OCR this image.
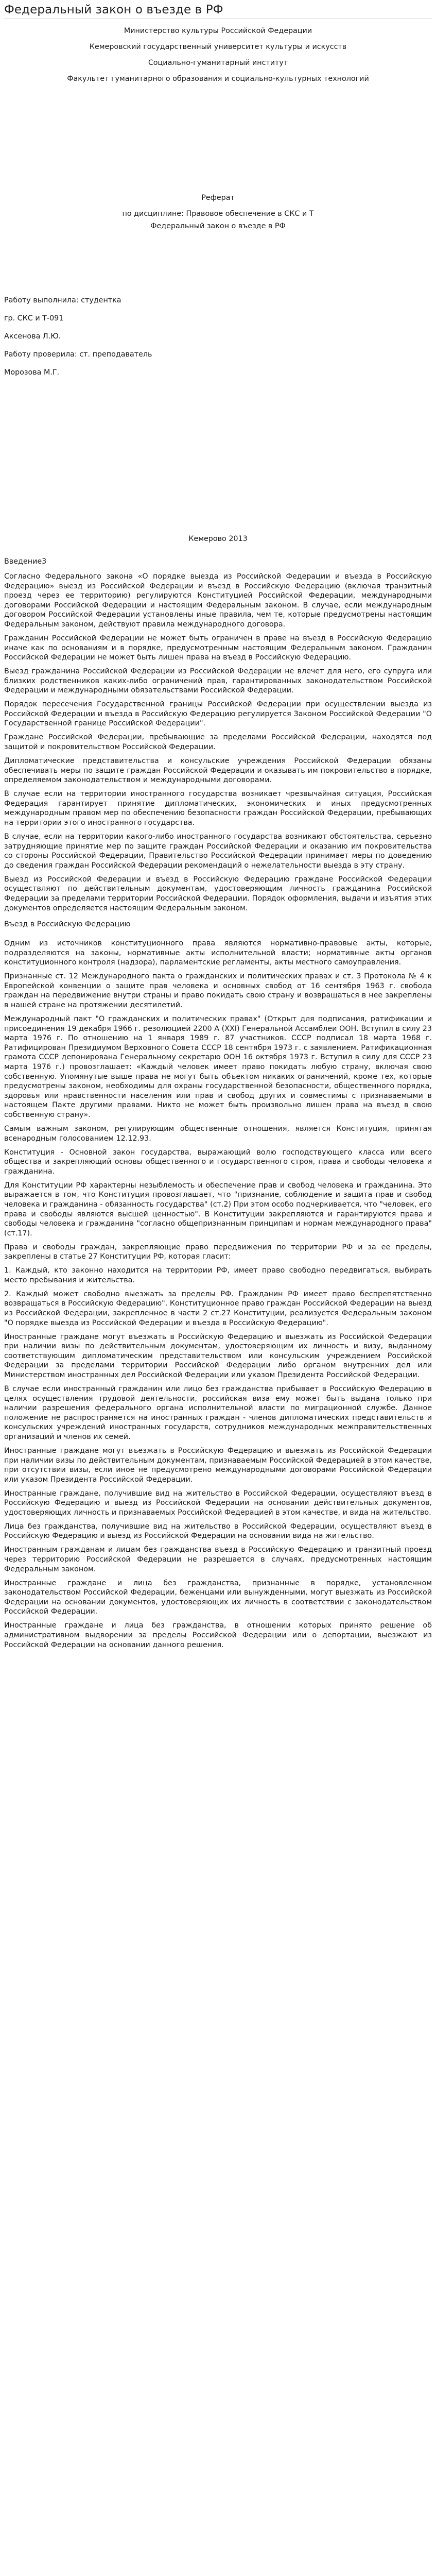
Федеральный закон о въезде в РФ

Министерство культуры Российской Федерации

Кемеровский государственный университет культуры и искусств

Социально-гуманитарный институт

Факультет гуманитарного образования и социально-культурных технологий

Реферат

по дисциплине: Правовое обеспечение в СКС и Т

Федеральный закон о въезде в РФ

Работу выполнила: студентка

гр. СКС и Т-091

Аксенова Л.Ю.

Работу проверила: ст. преподаватель

Морозова М.Г.

Кемерово 2013

Введение3

Согласно Федерального закона «О порядке выезда из Российской Федерации и въезда в Российскую Федерацию» выезд из Российской Федерации и въезд в Российскую Федерацию (включая транзитный проезд через ее территорию) регулируются Конституцией Российской Федерации, международными договорами Российской Федерации и настоящим Федеральным законом. В случае, если международным договором Российской Федерации установлены иные правила, чем те, которые предусмотрены настоящим Федеральным законом, действуют правила международного договора.

Гражданин Российской Федерации не может быть ограничен в праве на въезд в Российскую Федерацию иначе как по основаниям и в порядке, предусмотренным настоящим Федеральным законом. Гражданин Российской Федерации не может быть лишен права на въезд в Российскую Федерацию.

Выезд гражданина Российской Федерации из Российской Федерации не влечет для него, его супруга или близких родственников каких-либо ограничений прав, гарантированных законодательством Российской Федерации и международными обязательствами Российской Федерации.

Порядок пересечения Государственной границы Российской Федерации при осуществлении выезда из Российской Федерации и въезда в Российскую Федерацию регулируется Законом Российской Федерации "О Государственной границе Российской Федерации".

Граждане Российской Федерации, пребывающие за пределами Российской Федерации, находятся под защитой и покровительством Российской Федерации.

Дипломатические представительства и консульские учреждения Российской Федерации обязаны обеспечивать меры по защите граждан Российской Федерации и оказывать им покровительство в порядке, определяемом законодательством и международными договорами.

В случае если на территории иностранного государства возникает чрезвычайная ситуация, Российская Федерация гарантирует принятие дипломатических, экономических и иных предусмотренных международным правом мер по обеспечению безопасности граждан Российской Федерации, пребывающих на территории этого иностранного государства.

В случае, если на территории какого-либо иностранного государства возникают обстоятельства, серьезно затрудняющие принятие мер по защите граждан Российской Федерации и оказанию им покровительства со стороны Российской Федерации, Правительство Российской Федерации принимает меры по доведению до сведения граждан Российской Федерации рекомендаций о нежелательности выезда в эту страну.

Выезд из Российской Федерации и въезд в Российскую Федерацию граждане Российской Федерации осуществляют по действительным документам, удостоверяющим личность гражданина Российской Федерации за пределами территории Российской Федерации. Порядок оформления, выдачи и изъятия этих документов определяется настоящим Федеральным законом.

Въезд в Российскую Федерацию

Одним из источников конституционного права являются нормативно-правовые акты, которые, подразделяются на законы, нормативные акты исполнительной власти; нормативные акты органов конституционного контроля (надзора), парламентские регламенты, акты местного самоуправления.

Признанные ст. 12 Международного пакта о гражданских и политических правах и ст. 3 Протокола № 4 к Европейской конвенции о защите прав человека и основных свобод от 16 сентября 1963 г. свобода граждан на передвижение внутри страны и право покидать свою страну и возвращаться в нее закреплены в нашей стране на протяжении десятилетий.

Международный пакт "О гражданских и политических правах" (Открыт для подписания, ратификации и присоединения 19 декабря 1966 г. резолюцией 2200 А (XXI) Генеральной Ассамблеи ООН. Вступил в силу 23 марта 1976 г. По отношению на 1 января 1989 г. 87 участников. СССР подписал 18 марта 1968 г. Ратифицирован Президиумом Верховного Совета СССР 18 сентября 1973 г. с заявлением. Ратификационная грамота СССР депонирована Генеральному секретарю ООН 16 октября 1973 г. Вступил в силу для СССР 23 марта 1976 г.) провозглашает: «Каждый человек имеет право покидать любую страну, включая свою собственную. Упомянутые выше права не могут быть объектом никаких ограничений, кроме тех, которые предусмотрены законом, необходимы для охраны государственной безопасности, общественного порядка, здоровья или нравственности населения или прав и свобод других и совместимы с признаваемыми в настоящем Пакте другими правами. Никто не может быть произвольно лишен права на въезд в свою собственную страну».

Самым важным законом, регулирующим общественные отношения, является Конституция, принятая всенародным голосованием 12.12.93.

Конституция - Основной закон государства, выражающий волю господствующего класса или всего общества и закрепляющий основы общественного и государственного строя, права и свободы человека и гражданина.

Для Конституции РФ характерны незыблемость и обеспечение прав и свобод человека и гражданина. Это выражается в том, что Конституция провозглашает, что "признание, соблюдение и защита прав и свобод человека и гражданина - обязанность государства" (ст.2) При этом особо подчеркивается, что "человек, его права и свободы являются высшей ценностью". В Конституции закрепляются и гарантируются права и свободы человека и гражданина "согласно общепризнанным принципам и нормам международного права" (ст.17).

Права и свободы граждан, закрепляющие право передвижения по территории РФ и за ее пределы, закреплены в статье 27 Конституции РФ, которая гласит:

1. Каждый, кто законно находится на территории РФ, имеет право свободно передвигаться, выбирать место пребывания и жительства.

2. Каждый может свободно выезжать за пределы РФ. Гражданин РФ имеет право беспрепятственно возвращаться в Российскую Федерацию". Конституционное право граждан Российской Федерации на выезд из Российской Федерации, закрепленное в части 2 ст.27 Конституции, реализуется Федеральным законом "О порядке выезда из Российской Федерации и въезда в Российскую Федерацию".

Иностранные граждане могут въезжать в Российскую Федерацию и выезжать из Российской Федерации при наличии визы по действительным документам, удостоверяющим их личность и визу, выданному соответствующим дипломатическим представительством или консульским учреждением Российской Федерации за пределами территории Российской Федерации либо органом внутренних дел или Министерством иностранных дел Российской Федерации или указом Президента Российской Федерации.

В случае если иностранный гражданин или лицо без гражданства прибывает в Российскую Федерацию в целях осуществления трудовой деятельности, российская виза ему может быть выдана только при наличии разрешения федерального органа исполнительной власти по миграционной службе. Данное положение не распространяется на иностранных граждан - членов дипломатических представительств и консульских учреждений иностранных государств, сотрудников международных межправительственных организаций и членов их семей.

Иностранные граждане могут въезжать в Российскую Федерацию и выезжать из Российской Федерации при наличии визы по действительным документам, признаваемым Российской Федерацией в этом качестве, при отсутствии визы, если иное не предусмотрено международными договорами Российской Федерации или указом Президента Российской Федерации.

Иностранные граждане, получившие вид на жительство в Российской Федерации, осуществляют въезд в Российскую Федерацию и выезд из Российской Федерации на основании действительных документов, удостоверяющих личность и признаваемых Российской Федерацией в этом качестве, и вида на жительство.

Лица без гражданства, получившие вид на жительство в Российской Федерации, осуществляют въезд в Российскую Федерацию и выезд из Российской Федерации на основании вида на жительство.

Иностранным гражданам и лицам без гражданства въезд в Российскую Федерацию и транзитный проезд через территорию Российской Федерации не разрешается в случаях, предусмотренных настоящим Федеральным законом.

Иностранные граждане и лица без гражданства, признанные в порядке, установленном законодательством Российской Федерации, беженцами или вынужденными, могут выезжать из Российской Федерации на основании документов, удостоверяющих их личность в соответствии с законодательством Российской Федерации.

Иностранные граждане и лица без гражданства, в отношении которых принято решение об административном выдворении за пределы Российской Федерации или о депортации, выезжают из Российской Федерации на основании данного решения.
